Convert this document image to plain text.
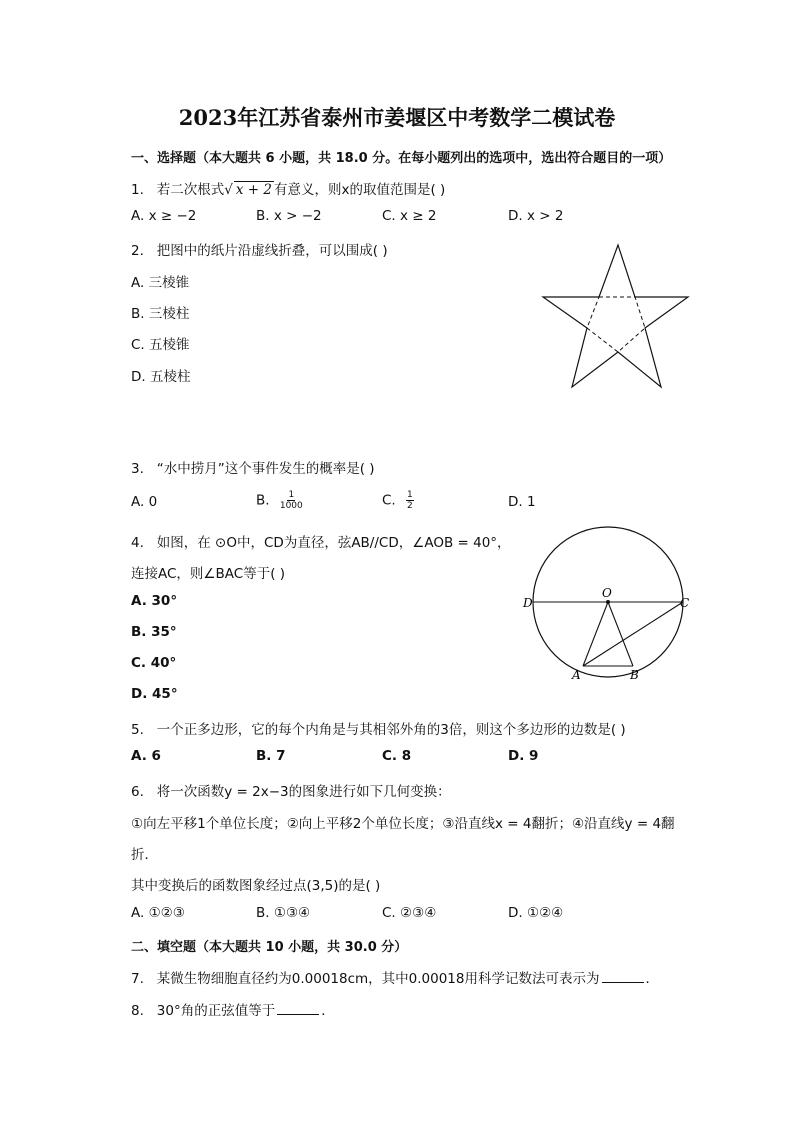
2023年江苏省泰州市姜堰区中考数学二模试卷
一、选择题（本大题共 6 小题，共 18.0 分。在每小题列出的选项中，选出符合题目的一项）
1. 若二次根式√ x + 2 有意义，则x的取值范围是( )
A. x ≥ −2	B. x > −2	C. x ≥ 2	D. x > 2
2. 把图中的纸片沿虚线折叠，可以围成( )
A. 三棱锥
B. 三棱柱
C. 五棱锥
D. 五棱柱
3. “水中捞月”这个事件发生的概率是( )
A. 0	B. $\frac{1}{1000}$	C. $\frac{1}{2}$	D. 1
4. 如图，在 ⊙O中，CD为直径，弦AB//CD，∠AOB = 40°，
连接AC，则∠BAC等于( )
A. 30°
B. 35°
C. 40°
D. 45°
D
O
C
A	B
5. 一个正多边形，它的每个内角是与其相邻外角的3倍，则这个多边形的边数是( )
A. 6	B. 7	C. 8	D. 9
6. 将一次函数y = 2x−3的图象进行如下几何变换：
①向左平移1个单位长度；②向上平移2个单位长度；③沿直线x = 4翻折；④沿直线y = 4翻
折．
其中变换后的函数图象经过点(3,5)的是( )
A. ①②③	B. ①③④	C. ②③④	D. ①②④
二、填空题（本大题共 10 小题，共 30.0 分）
7. 某微生物细胞直径约为0.00018cm，其中0.00018用科学记数法可表示为	．
8. 30°角的正弦值等于	．
